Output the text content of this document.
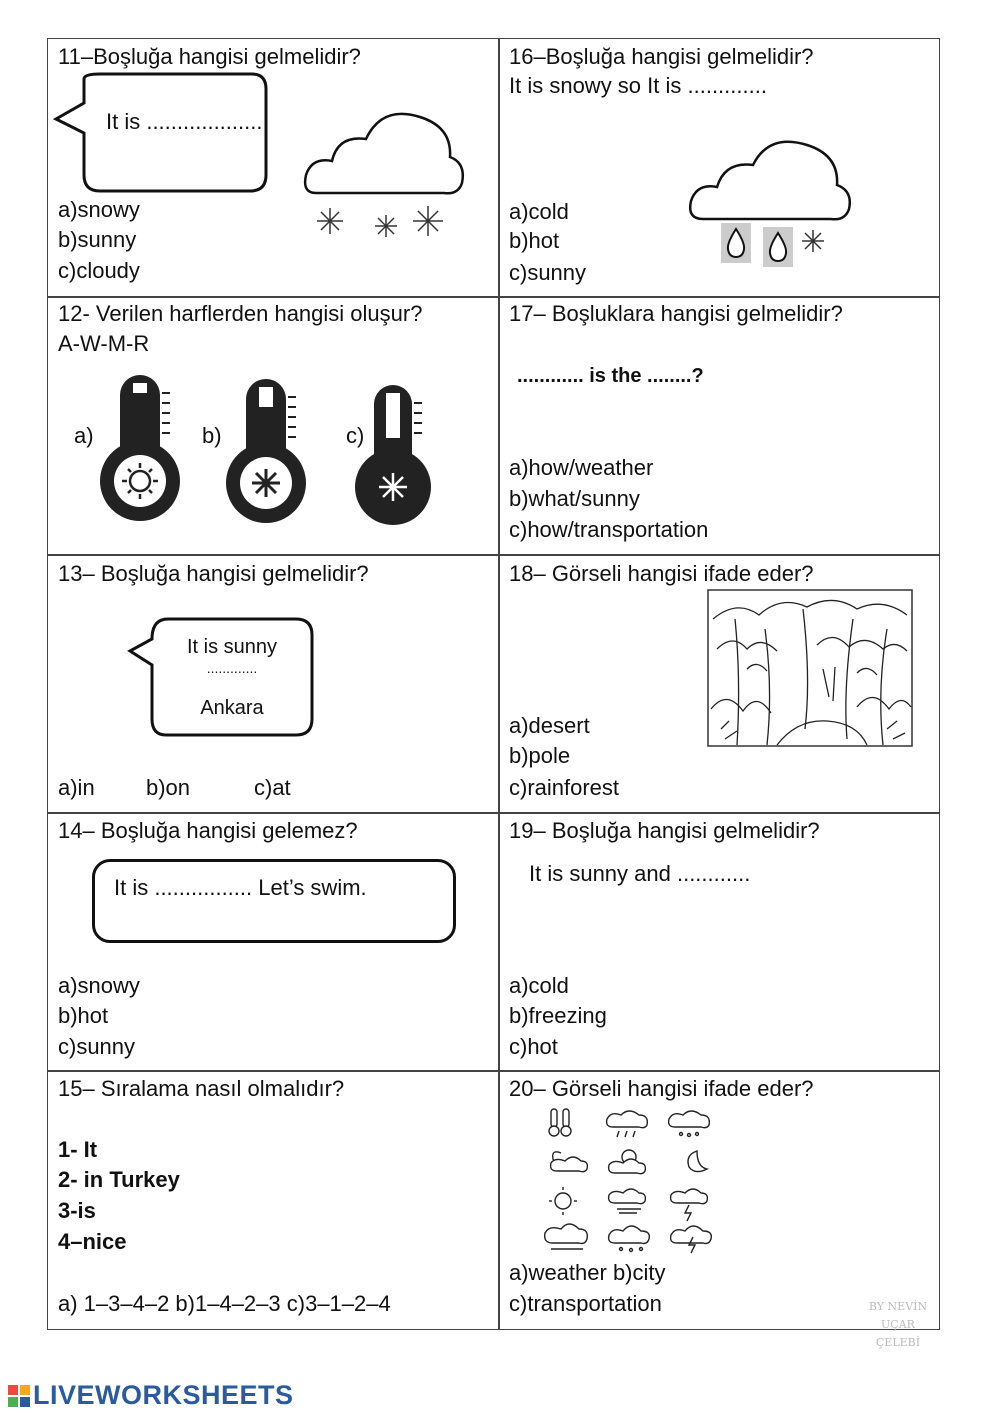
11–Boşluğa hangisi gelmelidir?
It is ...................
a)snowy
b)sunny
c)cloudy
12- Verilen harflerden hangisi oluşur?
A-W-M-R
a)	b)	c)
13– Boşluğa hangisi gelmelidir?
It is sunny
.............
Ankara
a)in b)on	c)at
14– Boşluğa hangisi gelemez?
It is ................ Let’s swim.
a)snowy
b)hot
c)sunny
15– Sıralama nasıl olmalıdır?
1- It
2- in Turkey
3-is
4–nice
a) 1–3–4–2 b)1–4–2–3 c)3–1–2–4
16–Boşluğa hangisi gelmelidir?
It is snowy so It is .............
a)cold
b)hot
c)sunny
17– Boşluklara hangisi gelmelidir?
............ is the ........?
a)how/weather
b)what/sunny
c)how/transportation
18– Görseli hangisi ifade eder?
a)desert
b)pole
c)rainforest
19– Boşluğa hangisi gelmelidir?
It is sunny and ............
a)cold
b)freezing
c)hot
20– Görseli hangisi ifade eder?
a)weather b)city
c)transportation	BY NEVİN UÇAR
ÇELEBİ
LIVEWORKSHEETS
